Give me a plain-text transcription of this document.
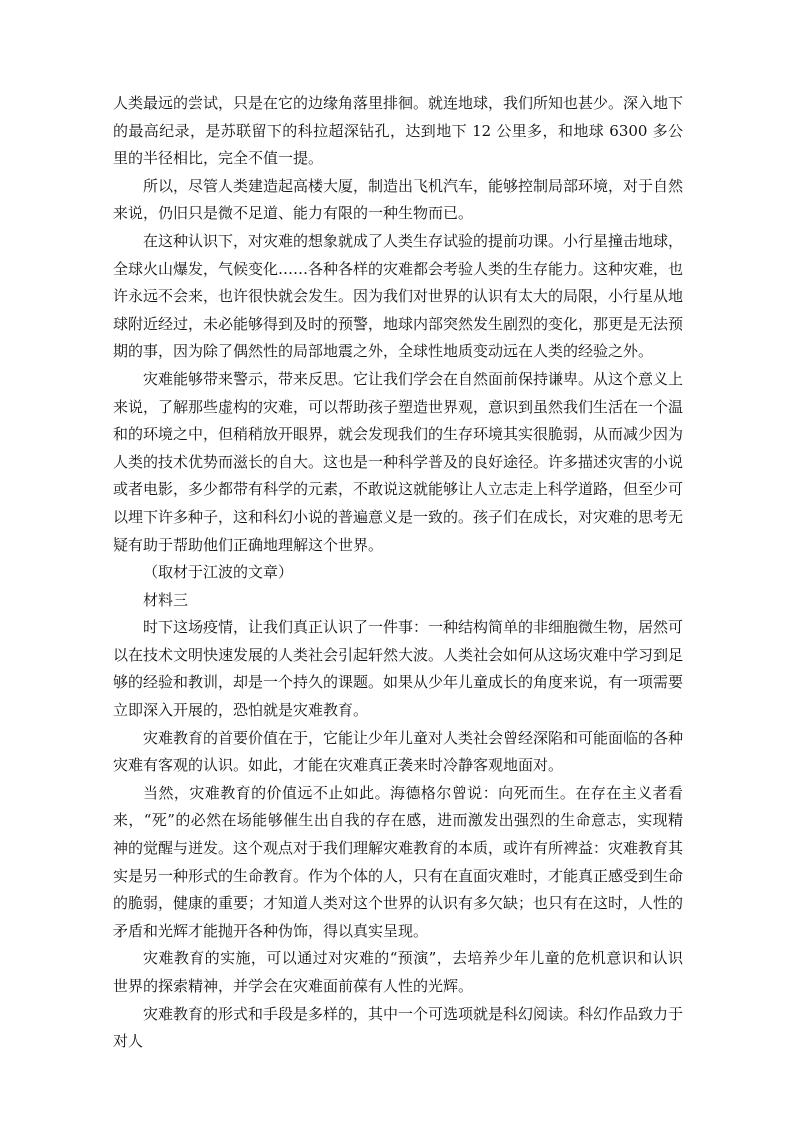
人类最远的尝试，只是在它的边缘角落里排徊。就连地球，我们所知也甚少。深入地下的最高纪录，是苏联留下的科拉超深钻孔，达到地下 12 公里多，和地球 6300 多公里的半径相比，完全不值一提。

所以，尽管人类建造起高楼大厦，制造出飞机汽车，能够控制局部环境，对于自然来说，仍旧只是微不足道、能力有限的一种生物而已。

在这种认识下，对灾难的想象就成了人类生存试验的提前功课。小行星撞击地球，全球火山爆发，气候变化……各种各样的灾难都会考验人类的生存能力。这种灾难，也许永远不会来，也许很快就会发生。因为我们对世界的认识有太大的局限，小行星从地球附近经过，未必能够得到及时的预警，地球内部突然发生剧烈的变化，那更是无法预期的事，因为除了偶然性的局部地震之外，全球性地质变动远在人类的经验之外。

灾难能够带来警示，带来反思。它让我们学会在自然面前保持谦卑。从这个意义上来说，了解那些虚构的灾难，可以帮助孩子塑造世界观，意识到虽然我们生活在一个温和的环境之中，但稍稍放开眼界，就会发现我们的生存环境其实很脆弱，从而减少因为人类的技术优势而滋长的自大。这也是一种科学普及的良好途径。许多描述灾害的小说或者电影，多少都带有科学的元素，不敢说这就能够让人立志走上科学道路，但至少可以埋下许多种子，这和科幻小说的普遍意义是一致的。孩子们在成长，对灾难的思考无疑有助于帮助他们正确地理解这个世界。

（取材于江波的文章）

材料三

时下这场疫情，让我们真正认识了一件事：一种结构简单的非细胞微生物，居然可以在技术文明快速发展的人类社会引起轩然大波。人类社会如何从这场灾难中学习到足够的经验和教训，却是一个持久的课题。如果从少年儿童成长的角度来说，有一项需要立即深入开展的，恐怕就是灾难教育。

灾难教育的首要价值在于，它能让少年儿童对人类社会曾经深陷和可能面临的各种灾难有客观的认识。如此，才能在灾难真正袭来时冷静客观地面对。

当然，灾难教育的价值远不止如此。海德格尔曾说：向死而生。在存在主义者看来，“死”的必然在场能够催生出自我的存在感，进而激发出强烈的生命意志，实现精神的觉醒与迸发。这个观点对于我们理解灾难教育的本质，或许有所裨益：灾难教育其实是另一种形式的生命教育。作为个体的人，只有在直面灾难时，才能真正感受到生命的脆弱，健康的重要；才知道人类对这个世界的认识有多欠缺；也只有在这时，人性的矛盾和光辉才能抛开各种伪饰，得以真实呈现。

灾难教育的实施，可以通过对灾难的“预演”，去培养少年儿童的危机意识和认识世界的探索精神，并学会在灾难面前葆有人性的光辉。

灾难教育的形式和手段是多样的，其中一个可选项就是科幻阅读。科幻作品致力于对人
